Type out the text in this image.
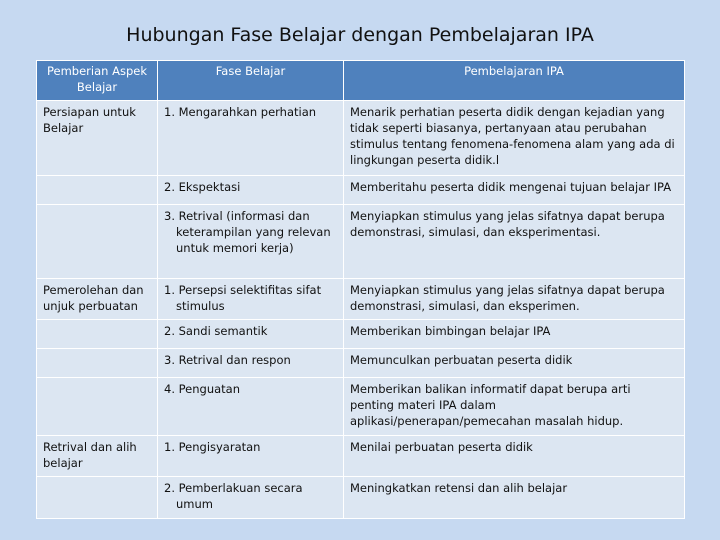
Hubungan Fase Belajar dengan Pembelajaran IPA
Pemberian Aspek Belajar	Fase Belajar	Pembelajaran IPA
Persiapan untuk Belajar	1. Mengarahkan perhatian	Menarik perhatian peserta didik dengan kejadian yang tidak seperti biasanya, pertanyaan atau perubahan stimulus tentang fenomena-fenomena alam yang ada di lingkungan peserta didik.l

	2. Ekspektasi	Memberitahu peserta didik mengenai tujuan belajar IPA

	3. Retrival (informasi dan keterampilan yang relevan untuk memori kerja)	Menyiapkan stimulus yang jelas sifatnya dapat berupa demonstrasi, simulasi, dan eksperimentasi.
Pemerolehan dan unjuk perbuatan	1. Persepsi selektifitas sifat stimulus	Menyiapkan stimulus yang jelas sifatnya dapat berupa demonstrasi, simulasi, dan eksperimen.

	2. Sandi semantik	Memberikan bimbingan belajar IPA

	3. Retrival dan respon	Memunculkan perbuatan peserta didik

	4. Penguatan	Memberikan balikan informatif dapat berupa arti penting materi IPA dalam aplikasi/penerapan/pemecahan masalah hidup.
Retrival dan alih belajar	1. Pengisyaratan	Menilai perbuatan peserta didik

	2. Pemberlakuan secara umum	Meningkatkan retensi dan alih belajar
